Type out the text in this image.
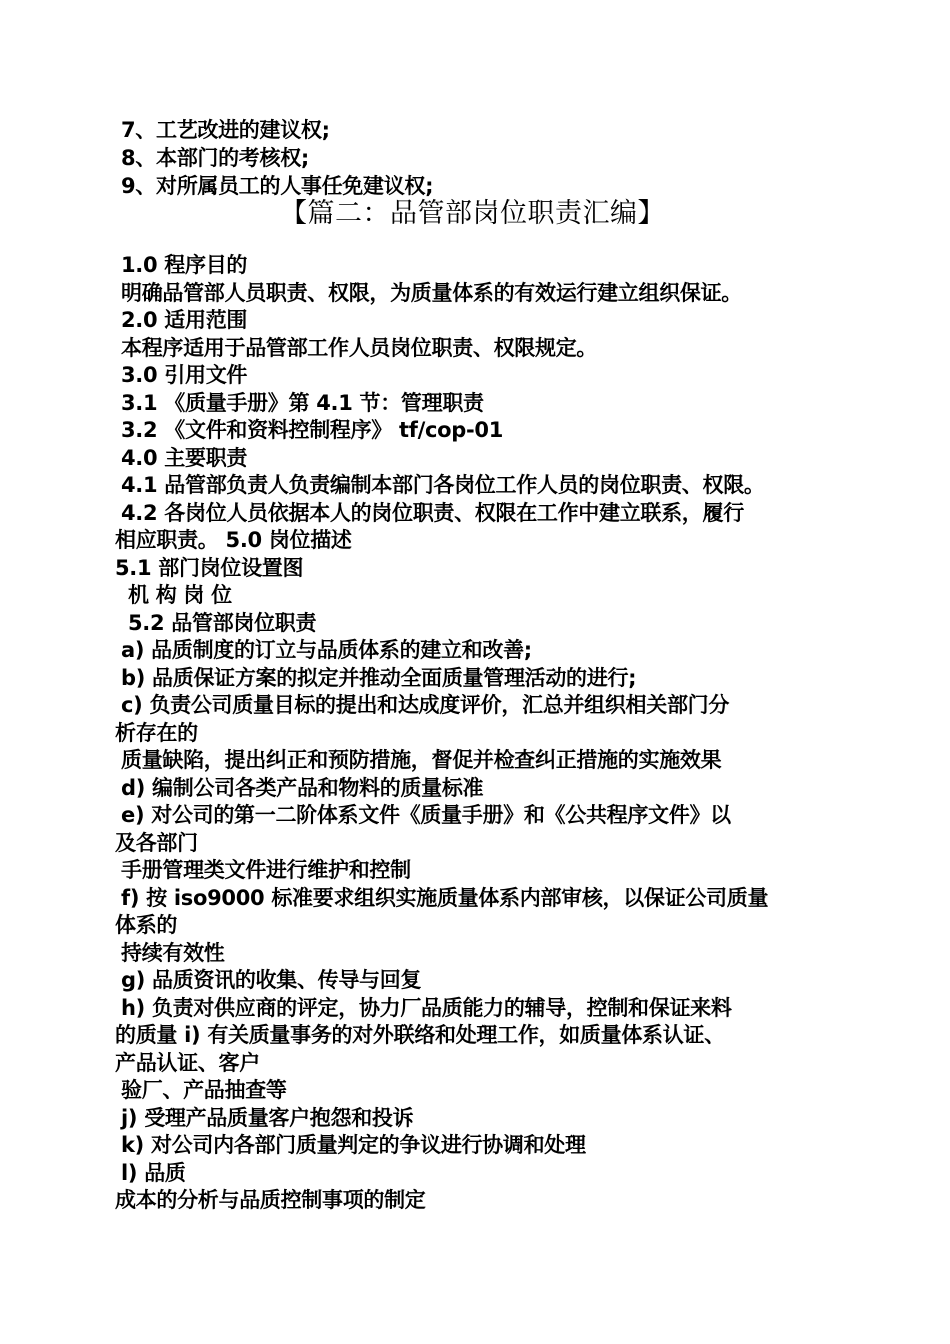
7、工艺改进的建议权;
8、本部门的考核权;
9、对所属员工的人事任免建议权;
【篇二：品管部岗位职责汇编】
1.0 程序目的
明确品管部人员职责、权限，为质量体系的有效运行建立组织保证。
2.0 适用范围
本程序适用于品管部工作人员岗位职责、权限规定。
3.0 引用文件
3.1 《质量手册》第 4.1 节：管理职责
3.2 《文件和资料控制程序》 tf/cop-01
4.0 主要职责
4.1 品管部负责人负责编制本部门各岗位工作人员的岗位职责、权限。
4.2 各岗位人员依据本人的岗位职责、权限在工作中建立联系，履行
相应职责。 5.0 岗位描述
5.1 部门岗位设置图
机 构 岗 位
5.2 品管部岗位职责
a) 品质制度的订立与品质体系的建立和改善;
b) 品质保证方案的拟定并推动全面质量管理活动的进行;
c) 负责公司质量目标的提出和达成度评价，汇总并组织相关部门分
析存在的
质量缺陷，提出纠正和预防措施，督促并检查纠正措施的实施效果
d) 编制公司各类产品和物料的质量标准
e) 对公司的第一二阶体系文件《质量手册》和《公共程序文件》以
及各部门
手册管理类文件进行维护和控制
f) 按 iso9000 标准要求组织实施质量体系内部审核，以保证公司质量
体系的
持续有效性
g) 品质资讯的收集、传导与回复
h) 负责对供应商的评定，协力厂品质能力的辅导，控制和保证来料
的质量 i) 有关质量事务的对外联络和处理工作，如质量体系认证、
产品认证、客户
验厂、产品抽查等
j) 受理产品质量客户抱怨和投诉
k) 对公司内各部门质量判定的争议进行协调和处理
l) 品质
成本的分析与品质控制事项的制定
